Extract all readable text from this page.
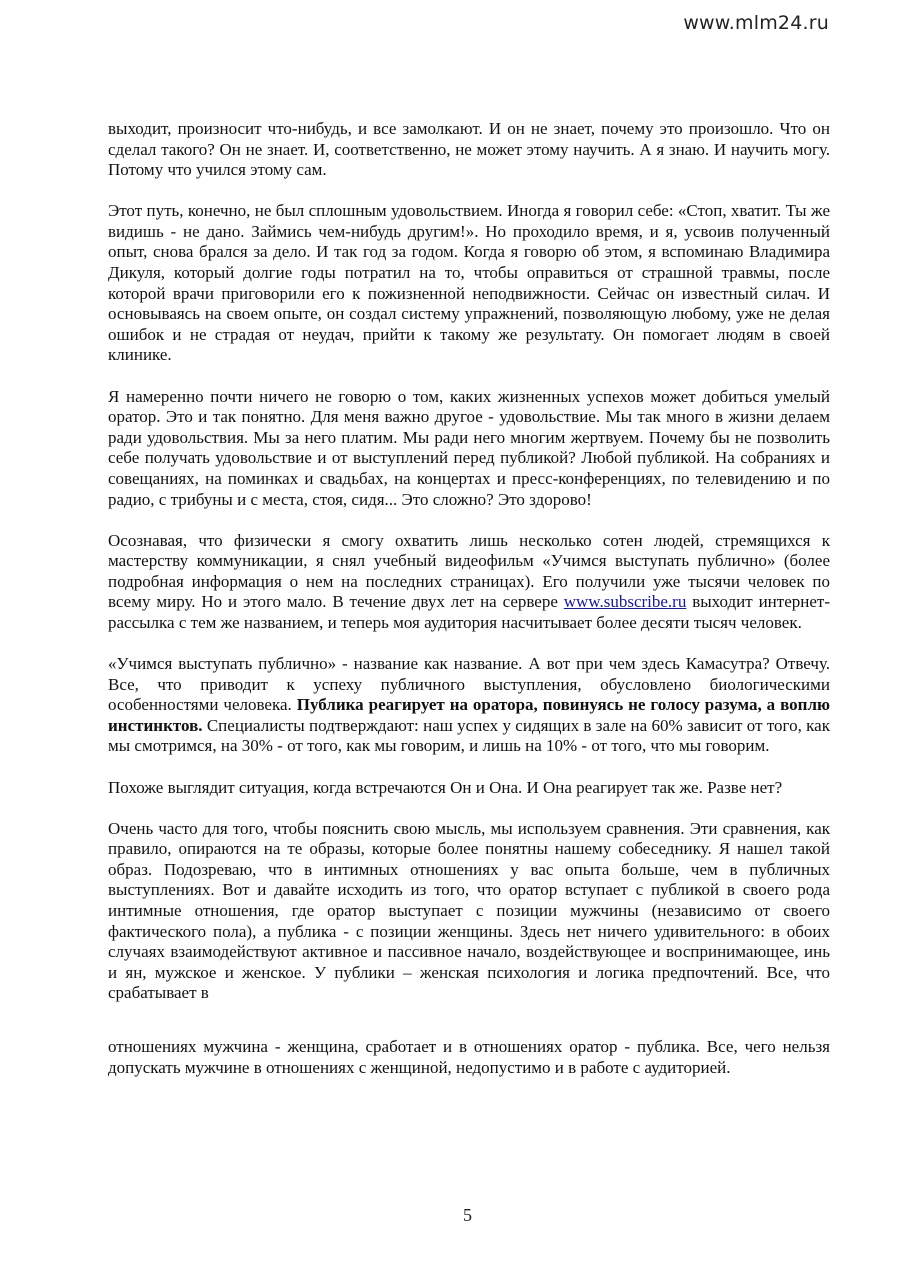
www.mlm24.ru

выходит, произносит что-нибудь, и все замолкают. И он не знает, почему это произошло. Что он сделал такого? Он не знает. И, соответственно, не может этому научить. А я знаю. И научить могу. Потому что учился этому сам.

Этот путь, конечно, не был сплошным удовольствием. Иногда я говорил себе: «Стоп, хватит. Ты же видишь - не дано. Займись чем-нибудь другим!». Но проходило время, и я, усвоив полученный опыт, снова брался за дело. И так год за годом. Когда я говорю об этом, я вспоминаю Владимира Дикуля, который долгие годы потратил на то, чтобы оправиться от страшной травмы, после которой врачи приговорили его к пожизненной неподвижности. Сейчас он известный силач. И основываясь на своем опыте, он создал систему упражнений, позволяющую любому, уже не делая ошибок и не страдая от неудач, прийти к такому же результату. Он помогает людям в своей клинике.

Я намеренно почти ничего не говорю о том, каких жизненных успехов может добиться умелый оратор. Это и так понятно. Для меня важно другое - удовольствие. Мы так много в жизни делаем ради удовольствия. Мы за него платим. Мы ради него многим жертвуем. Почему бы не позволить себе получать удовольствие и от выступлений перед публикой? Любой публикой. На собраниях и совещаниях, на поминках и свадьбах, на концертах и пресс-конференциях, по телевидению и по радио, с трибуны и с места, стоя, сидя... Это сложно? Это здорово!

Осознавая, что физически я смогу охватить лишь несколько сотен людей, стремящихся к мастерству коммуникации, я снял учебный видеофильм «Учимся выступать публично» (более подробная информация о нем на последних страницах). Его получили уже тысячи человек по всему миру. Но и этого мало. В течение двух лет на сервере www.subscribe.ru выходит интернет-рассылка с тем же названием, и теперь моя аудитория насчитывает более десяти тысяч человек.

«Учимся выступать публично» - название как название. А вот при чем здесь Камасутра? Отвечу. Все, что приводит к успеху публичного выступления, обусловлено биологическими особенностями человека. Публика реагирует на оратора, повинуясь не голосу разума, а воплю инстинктов. Специалисты подтверждают: наш успех у сидящих в зале на 60% зависит от того, как мы смотримся, на 30% - от того, как мы говорим, и лишь на 10% - от того, что мы говорим.

Похоже выглядит ситуация, когда встречаются Он и Она. И Она реагирует так же. Разве нет?

Очень часто для того, чтобы пояснить свою мысль, мы используем сравнения. Эти сравнения, как правило, опираются на те образы, которые более понятны нашему собеседнику. Я нашел такой образ. Подозреваю, что в интимных отношениях у вас опыта больше, чем в публичных выступлениях. Вот и давайте исходить из того, что оратор вступает с публикой в своего рода интимные отношения, где оратор выступает с позиции мужчины (независимо от своего фактического пола), а публика - с позиции женщины. Здесь нет ничего удивительного: в обоих случаях взаимодействуют активное и пассивное начало, воздействующее и воспринимающее, инь и ян, мужское и женское. У публики – женская психология и логика предпочтений. Все, что срабатывает в

отношениях мужчина - женщина, сработает и в отношениях оратор - публика. Все, чего нельзя допускать мужчине в отношениях с женщиной, недопустимо и в работе с аудиторией.

5
